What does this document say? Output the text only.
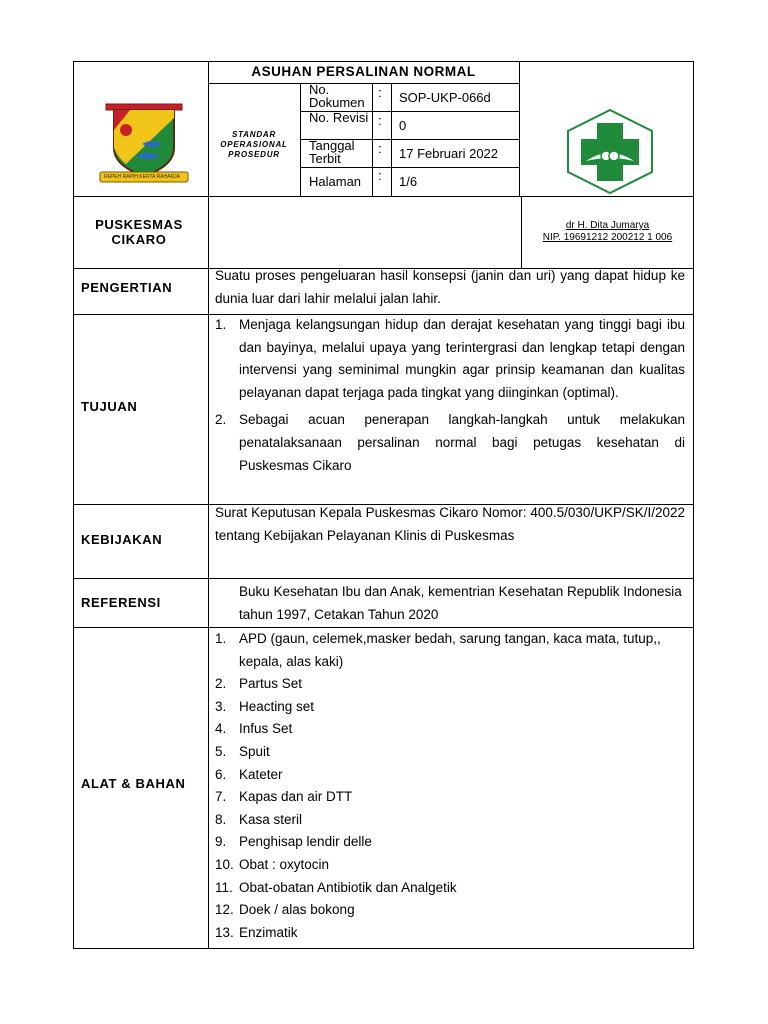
REPEH RAPIH KERTA RAHARJA
ASUHAN PERSALINAN NORMAL
STANDAR
OPERASIONAL
PROSEDUR
No. Dokumen
: SOP-UKP-066d
No. Revisi : 0
Tanggal Terbit
: 17 Februari 2022
Halaman : 1/6
PUSKESMAS CIKARO
dr H. Dita Jumarya
NIP. 19691212 200212 1 006
PENGERTIAN
Suatu proses pengeluaran hasil konsepsi (janin dan uri) yang dapat hidup ke dunia luar dari lahir melalui jalan lahir.
TUJUAN
1. Menjaga kelangsungan hidup dan derajat kesehatan yang tinggi bagi ibu dan bayinya, melalui upaya yang terintergrasi dan lengkap tetapi dengan intervensi yang seminimal mungkin agar prinsip keamanan dan kualitas pelayanan dapat terjaga pada tingkat yang diinginkan (optimal).
2. Sebagai acuan penerapan langkah-langkah untuk melakukan penatalaksanaan persalinan normal bagi petugas kesehatan di Puskesmas Cikaro
KEBIJAKAN
Surat Keputusan Kepala Puskesmas Cikaro Nomor: 400.5/030/UKP/SK/I/2022 tentang Kebijakan Pelayanan Klinis di Puskesmas
REFERENSI
Buku Kesehatan Ibu dan Anak, kementrian Kesehatan Republik Indonesia tahun 1997, Cetakan Tahun 2020
ALAT & BAHAN
1. APD (gaun, celemek,masker bedah, sarung tangan, kaca mata, tutup,, kepala, alas kaki)
2. Partus Set
3. Heacting set
4. Infus Set
5. Spuit
6. Kateter
7. Kapas dan air DTT
8. Kasa steril
9. Penghisap lendir delle
10. Obat : oxytocin
11. Obat-obatan Antibiotik dan Analgetik
12. Doek / alas bokong
13. Enzimatik
